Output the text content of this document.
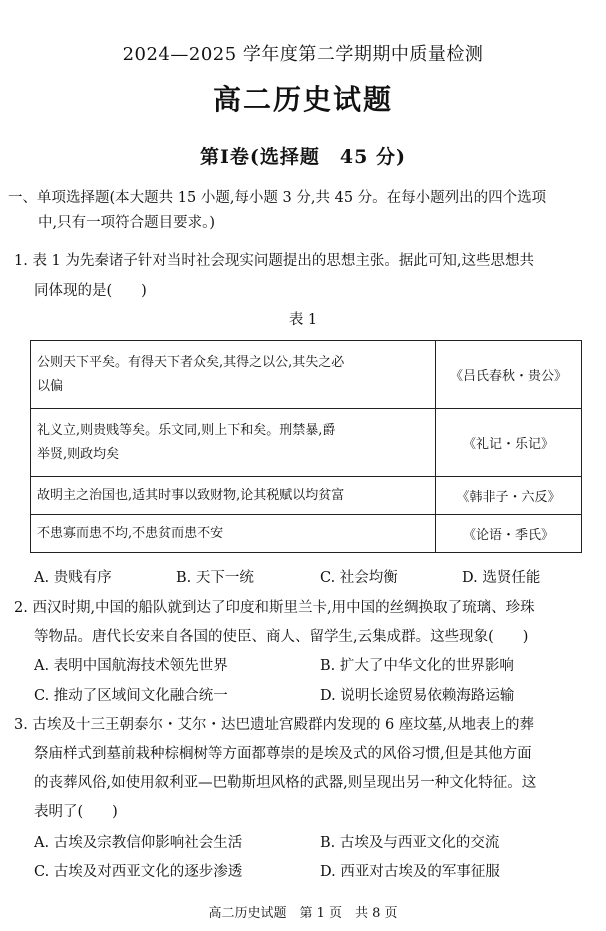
2024—2025 学年度第二学期期中质量检测
高二历史试题
第Ⅰ卷(选择题　45 分)
一、单项选择题(本大题共 15 小题,每小题 3 分,共 45 分。在每小题列出的四个选项
中,只有一项符合题目要求。)
1. 表 1 为先秦诸子针对当时社会现实问题提出的思想主张。据此可知,这些思想共
同体现的是(　　)
表 1
公则天下平矣。有得天下者众矣,其得之以公,其失之必
以偏	《吕氏春秋・贵公》
礼义立,则贵贱等矣。乐文同,则上下和矣。刑禁暴,爵
举贤,则政均矣	《礼记・乐记》
故明主之治国也,适其时事以致财物,论其税赋以均贫富	《韩非子・六反》
不患寡而患不均,不患贫而患不安	《论语・季氏》
A. 贵贱有序	B. 天下一统	C. 社会均衡	D. 选贤任能
2. 西汉时期,中国的船队就到达了印度和斯里兰卡,用中国的丝绸换取了琉璃、珍珠
等物品。唐代长安来自各国的使臣、商人、留学生,云集成群。这些现象(　　)
A. 表明中国航海技术领先世界	B. 扩大了中华文化的世界影响
C. 推动了区域间文化融合统一	D. 说明长途贸易依赖海路运输
3. 古埃及十三王朝泰尔・艾尔・达巴遗址宫殿群内发现的 6 座坟墓,从地表上的葬
祭庙样式到墓前栽种棕榈树等方面都尊崇的是埃及式的风俗习惯,但是其他方面
的丧葬风俗,如使用叙利亚—巴勒斯坦风格的武器,则呈现出另一种文化特征。这
表明了(　　)
A. 古埃及宗教信仰影响社会生活	B. 古埃及与西亚文化的交流
C. 古埃及对西亚文化的逐步渗透	D. 西亚对古埃及的军事征服
高二历史试题　第 1 页　共 8 页
